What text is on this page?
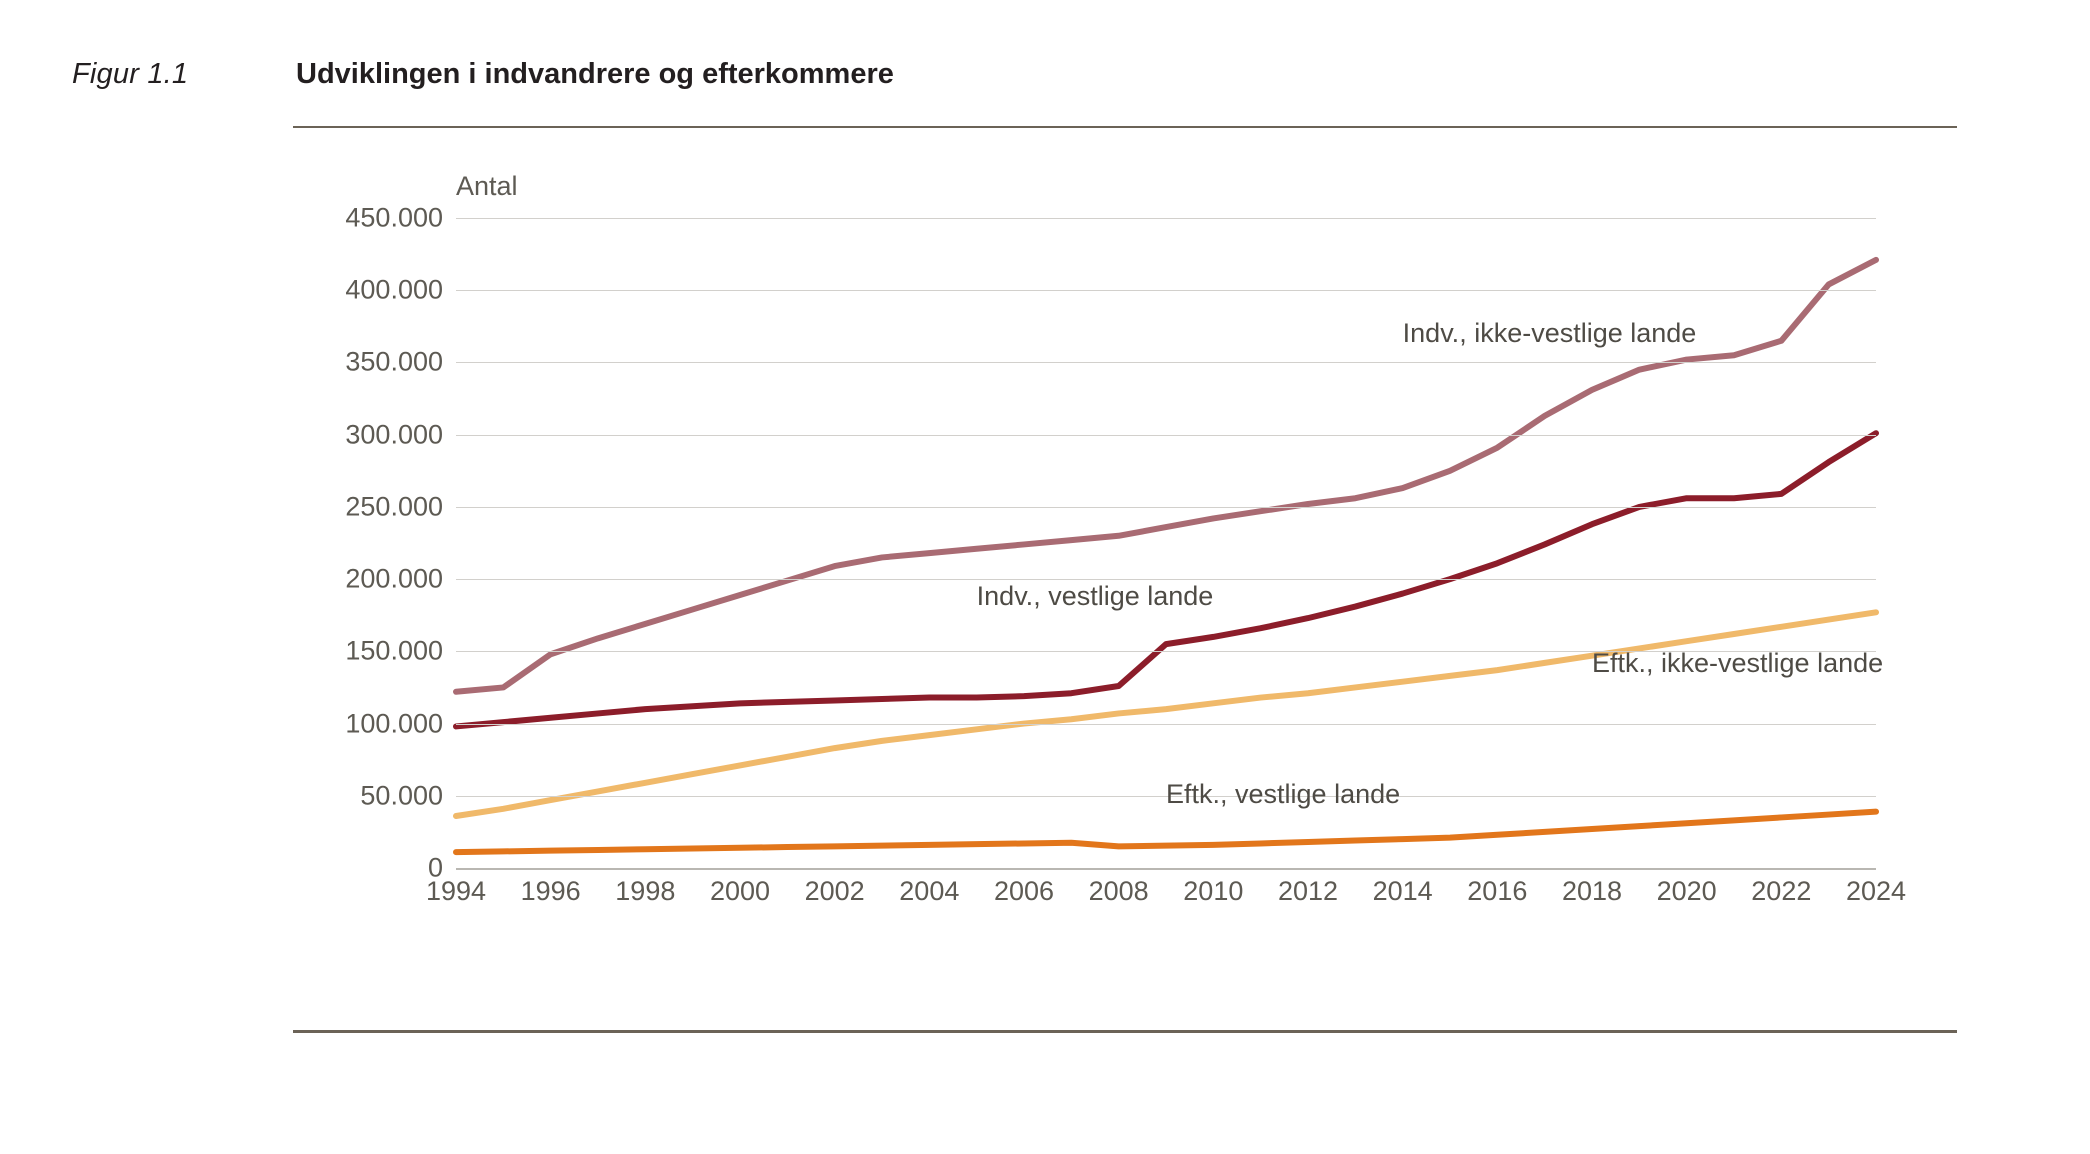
Figur 1.1	Udviklingen i indvandrere og efterkommere
Antal
0
50.000
100.000
150.000
200.000
250.000
300.000
350.000
400.000
450.000
1994 1996 1998 2000 2002 2004 2006 2008 2010 2012 2014 2016 2018 2020 2022 2024
Indv., ikke-vestlige lande
Indv., vestlige lande
Eftk., ikke-vestlige lande
Eftk., vestlige lande
